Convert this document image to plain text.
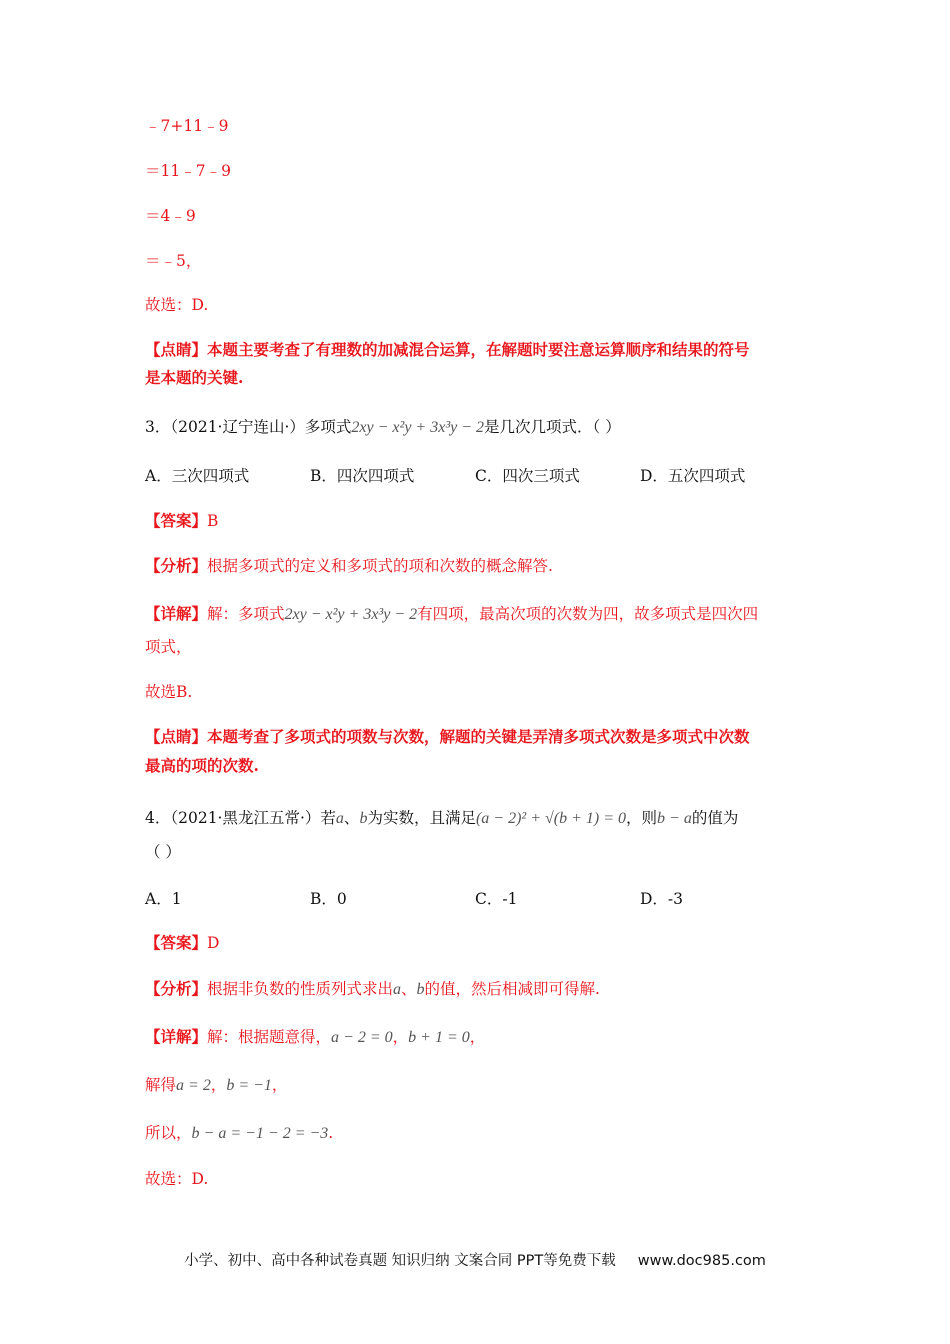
﹣7+11﹣9
＝11﹣7﹣9
＝4﹣9
＝﹣5，
故选：D.
【点睛】本题主要考查了有理数的加减混合运算，在解题时要注意运算顺序和结果的符号
是本题的关键.
3．（2021·辽宁连山·）多项式2xy − x²y + 3x³y − 2是几次几项式．（ ）
A．三次四项式	B．四次四项式	C．四次三项式	D．五次四项式
【答案】B
【分析】根据多项式的定义和多项式的项和次数的概念解答.
【详解】解：多项式2xy − x²y + 3x³y − 2有四项，最高次项的次数为四，故多项式是四次四
项式，
故选B.
【点睛】本题考查了多项式的项数与次数，解题的关键是弄清多项式次数是多项式中次数
最高的项的次数.
4．（2021·黑龙江五常·）若a、b为实数，且满足(a − 2)² + √(b + 1) = 0，则b − a的值为
（ ）
A．1	B．0	C．-1	D．-3
【答案】D
【分析】根据非负数的性质列式求出a、b的值，然后相减即可得解.
【详解】解：根据题意得，a − 2 = 0，b + 1 = 0，
解得a = 2，b = −1，
所以，b − a = −1 − 2 = −3.
故选：D.
小学、初中、高中各种试卷真题 知识归纳 文案合同 PPT等免费下载 www.doc985.com
